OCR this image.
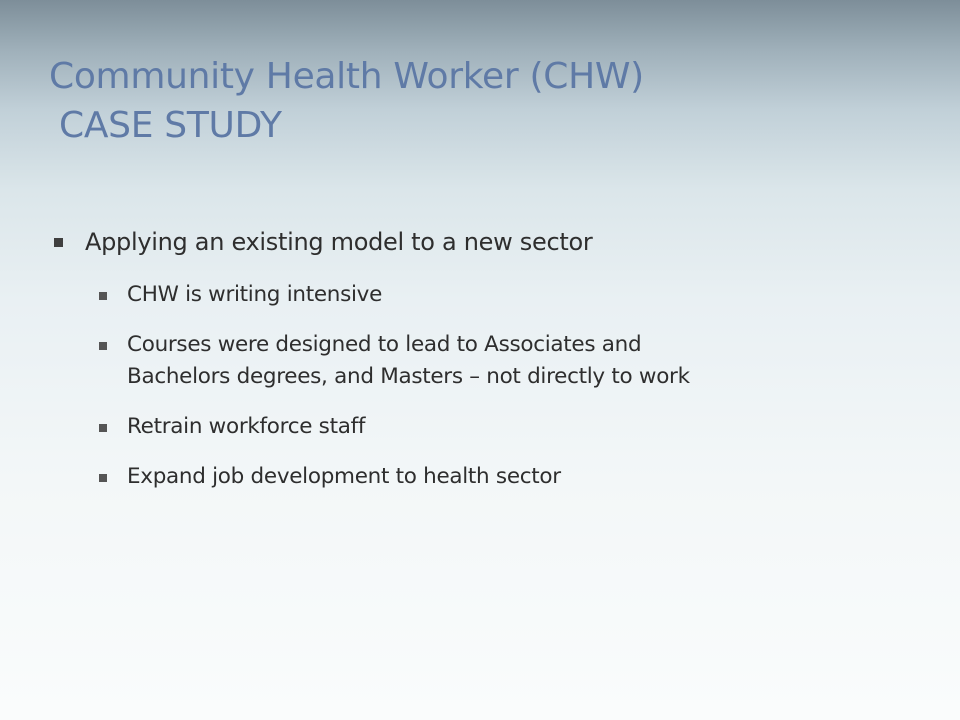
Community Health Worker (CHW)
CASE STUDY
Applying an existing model to a new sector
CHW is writing intensive
Courses were designed to lead to Associates and
Bachelors degrees, and Masters – not directly to work
Retrain workforce staff
Expand job development to health sector
